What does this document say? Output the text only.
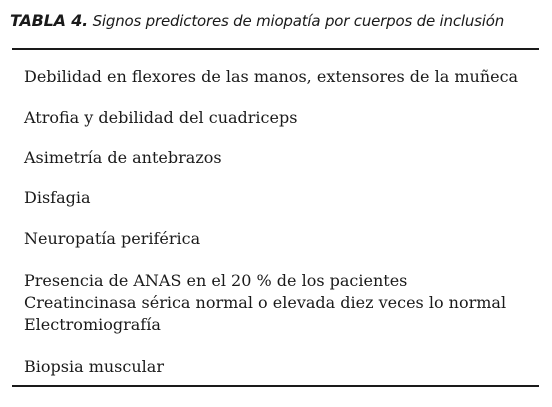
TABLA 4. Signos predictores de miopatía por cuerpos de inclusión
Debilidad en flexores de las manos, extensores de la muñeca
Atrofia y debilidad del cuadriceps
Asimetría de antebrazos
Disfagia
Neuropatía periférica
Presencia de ANAS en el 20 % de los pacientes
Creatincinasa sérica normal o elevada diez veces lo normal
Electromiografía
Biopsia muscular
